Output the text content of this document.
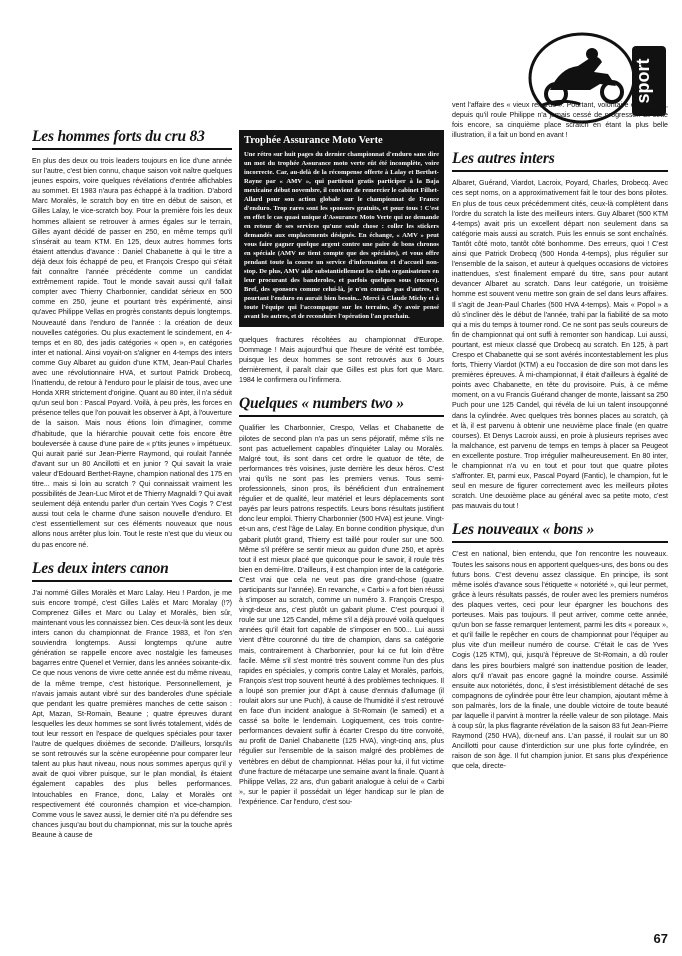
sport
Les hommes forts du cru 83

En plus des deux ou trois leaders toujours en lice d'une année sur l'autre, c'est bien connu, chaque saison voit naître quelques jeunes espoirs, voire quelques révélations d'entrée affichables au sommet. Et 1983 n'aura pas échappé à la tradition. D'abord Marc Moralès, le scratch boy en titre en début de saison, et Gilles Lalay, le vice-scratch boy. Pour la première fois les deux hommes allaient se retrouver à armes égales sur le terrain, Gilles ayant décidé de passer en 250, en même temps qu'il s'insérait au team KTM. En 125, deux autres hommes forts étaient attendus d'avance : Daniel Chabanette à qui le titre a déjà deux fois échappé de peu, et François Crespo qui s'était fait connaître l'année précédente comme un candidat extrêmement rapide. Tout le monde savait aussi qu'il fallait compter avec Thierry Charbonnier, candidat sérieux en 500 comme en 250, jeune et pourtant très expérimenté, ainsi qu'avec Philippe Vellas en progrès constants depuis longtemps. Nouveauté dans l'enduro de l'année : la création de deux nouvelles catégories. Ou plus exactement le scindement, en 4-temps et en 80, des jadis catégories « open », en catégories inter et national. Ainsi voyait-on s'aligner en 4-temps des inters comme Guy Albaret au guidon d'une KTM, Jean-Paul Charles avec une révolutionnaire HVA, et surtout Patrick Drobecq, l'inattendu, de retour à l'enduro pour le plaisir de tous, avec une Honda XRR strictement d'origine. Quant au 80 inter, il n'a séduit qu'un seul bon : Pascal Poyard. Voilà, à peu près, les forces en présence telles que l'on pouvait les observer à Apt, à l'ouverture de la saison. Mais nous étions loin d'imaginer, comme d'habitude, que la hiérarchie pouvait cette fois encore être bouleversée à cause d'une paire de « p'tits jeunes » impétueux. Qui aurait parié sur Jean-Pierre Raymond, qui roulait l'année d'avant sur un 80 Ancillotti et en junior ? Qui savait la vraie valeur d'Edouard Berthet-Rayne, champion national des 175 en titre... mais si loin au scratch ? Qui connaissait vraiment les possibilités de Jean-Luc Mirot et de Thierry Magnaldi ? Qui avait seulement déjà entendu parler d'un certain Yves Cogis ? C'est aussi tout cela le charme d'une saison nouvelle d'enduro. Et c'est essentiellement sur ces éléments nouveaux que nous allons nous arrêter plus loin. Tout le reste n'est que du vieux ou du pas encore né.

Les deux inters canon

J'ai nommé Gilles Moralès et Marc Lalay. Heu ! Pardon, je me suis encore trompé, c'est Gilles Lalès et Marc Moralay (!?) Comprenez Gilles et Marc ou Lalay et Moralès, bien sûr, maintenant vous les connaissez bien. Ces deux-là sont les deux inters canon du championnat de France 1983, et l'on s'en souviendra longtemps. Aussi longtemps qu'une autre génération se rappelle encore avec nostalgie les fameuses bagarres entre Quenel et Vernier, dans les années soixante-dix. Ce que nous venons de vivre cette année est du même niveau, de la même trempe, c'est historique. Personnellement, je n'avais jamais autant vibré sur des banderoles d'une spéciale que pendant les quatre premières manches de cette saison : Apt, Mazan, St-Romain, Beaune ; quatre épreuves durant lesquelles les deux hommes se sont livrés totalement, vidés de tout leur ressort en l'espace de quelques spéciales pour taxer l'autre de quelques dixièmes de seconde. D'ailleurs, lorsqu'ils se sont retrouvés sur la scène européenne pour comparer leur talent au plus haut niveau, nous nous sommes aperçus qu'il y avait de quoi vibrer puisque, sur le plan mondial, ils étaient également capables des plus belles performances. Intouchables en France, donc, Lalay et Moralès ont respectivement été couronnés champion et vice-champion. Comme vous le savez aussi, le dernier cité n'a pu défendre ses chances jusqu'au bout du championnat, mis sur la touche après Beaune à cause de

Trophée Assurance Moto Verte

Une rétro sur huit pages du dernier championnat d'enduro sans dire un mot du trophée Assurance moto verte eût été incomplète, voire incorrecte. Car, au-delà de la récompense offerte à Lalay et Berthet-Rayne par « AMV », qui partiront gratis participer à la Baja mexicaine début novembre, il convient de remercier le cabinet Filhet-Allard pour son action globale sur le championnat de France d'enduro. Trop rares sont les sponsors gratuits, et pour tous ! C'est en effet le cas quasi unique d'Assurance Moto Verte qui ne demande en retour de ses services qu'une seule chose : coller les stickers demandés aux emplacements désignés. En échange, « AMV » peut vous faire gagner quelque argent contre une paire de bons chronos en spéciale (AMV ne tient compte que des spéciales), et vous offre pendant toute la course un service d'information et d'accueil non-stop. De plus, AMV aide substantiellement les clubs organisateurs en leur procurant des banderoles, et parfois quelques sous (encore). Bref, des sponsors comme celui-là, je n'en connais pas d'autres, et pourtant l'enduro en aurait bien besoin... Merci à Claude Michy et à toute l'équipe qui l'accompagne sur les terrains, d'y avoir pensé avant les autres, et de reconduire l'opération l'an prochain.

quelques fractures récoltées au championnat d'Europe. Dommage ! Mais aujourd'hui que l'heure de vérité est tombée, puisque les deux hommes se sont retrouvés aux 6 Jours dernièrement, il paraît clair que Gilles est plus fort que Marc. 1984 le confirmera ou l'infirmera.

Quelques « numbers two »

Qualifier les Charbonnier, Crespo, Vellas et Chabanette de pilotes de second plan n'a pas un sens péjoratif, même s'ils ne sont pas actuellement capables d'inquiéter Lalay ou Moralès. Malgré tout, ils sont dans cet ordre le quatuor de tête, de performances très voisines, juste derrière les deux héros. C'est vrai qu'ils ne sont pas les premiers venus. Tous semi-professionnels, sinon pros, ils bénéficient d'un entraînement régulier et de qualité, leur matériel et leurs déplacements sont payés par leurs patrons respectifs. Leurs bons résultats justifient donc leur emploi. Thierry Charbonnier (500 HVA) est jeune. Vingt-et-un ans, c'est l'âge de Lalay. En bonne condition physique, d'un gabarit plutôt grand, Thierry est taillé pour rouler sur une 500. Même s'il préfère se sentir mieux au guidon d'une 250, et après tout il est mieux placé que quiconque pour le savoir, il roule très bien en demi-litre. D'ailleurs, il est champion inter de la catégorie. C'est vrai que cela ne veut pas dire grand-chose (quatre participants sur l'année). En revanche, « Carbi » a fort bien réussi à s'imposer au scratch, comme un numéro 3. François Crespo, vingt-deux ans, c'est plutôt un gabarit plume. C'est pourquoi il roule sur une 125 Candel, même s'il a déjà prouvé voilà quelques années qu'il était fort capable de s'imposer en 500... Lui aussi vient d'être couronné du titre de champion, dans sa catégorie mais, contrairement à Charbonnier, pour lui ce fut loin d'être facile. Même s'il s'est montré très souvent comme l'un des plus rapides en spéciales, y compris contre Lalay et Moralès, parfois, François s'est trop souvent heurté à des problèmes techniques. Il a loupé son premier jour d'Apt à cause d'ennuis d'allumage (il roulait alors sur une Puch), à cause de l'humidité il s'est retrouvé en face d'un incident analogue à St-Romain (le samedi) et a cassé sa boîte le lendemain. Logiquement, ces trois contre-performances devaient suffir à écarter Crespo du titre convoité, au profit de Daniel Chabanette (125 HVA), vingt-cinq ans, plus régulier sur l'ensemble de la saison malgré des problèmes de vertèbres en début de championnat. Hélas pour lui, il fut victime d'une fracture de métacarpe une semaine avant la finale. Quant à Philippe Vellas, 22 ans, d'un gabarit analogue à celui de « Carbi », sur le papier il possédait un léger handicap sur le plan de l'expérience. Car l'enduro, c'est sou-

vent l'affaire des « vieux renards ». Pourtant, volontaire et appliqué, depuis qu'il roule Philippe n'a jamais cessé de progresser. Et cette fois encore, sa cinquième place scratch en étant la plus belle illustration, il a fait un bond en avant !

Les autres inters

Albaret, Guérand, Viardot, Lacroix, Poyard, Charles, Drobecq. Avec ces sept noms, on a approximativement fait le tour des bons pilotes. En plus de tous ceux précédemment cités, ceux-là complètent dans l'ordre du scratch la liste des meilleurs inters. Guy Albaret (500 KTM 4-temps) avait pris un excellent départ non seulement dans sa catégorie mais aussi au scratch. Puis les ennuis se sont enchaînés. Tantôt côté moto, tantôt côté bonhomme. Des erreurs, quoi ! C'est ainsi que Patrick Drobecq (500 Honda 4-temps), plus régulier sur l'ensemble de la saison, et auteur à quelques occasions de victoires inattendues, s'est finalement emparé du titre, sans pour autant devancer Albaret au scratch. Dans leur catégorie, un troisième homme est souvent venu mettre son grain de sel dans leurs affaires. Il s'agit de Jean-Paul Charles (500 HVA 4-temps). Mais « Popol » a dû s'incliner dès le début de l'année, trahi par la fiabilité de sa moto qui a mis du temps à tourner rond. Ce ne sont pas seuls coureurs de fin de championnat qui ont suffi à remonter son handicap. Lui aussi, pourtant, est mieux classé que Drobecq au scratch. En 125, à part Crespo et Chabanette qui se sont avérés incontestablement les plus forts, Thierry Viardot (KTM) a eu l'occasion de dire son mot dans les premières épreuves. À mi-championnat, il était d'ailleurs à égalité de points avec Chabanette, en tête du provisoire. Puis, à ce même moment, on a vu Francis Guérand changer de monte, laissant sa 250 Puch pour une 125 Candel, qui révéla de lui un talent insoupçonné dans la cylindrée. Avec quelques très bonnes places au scratch, çà et là, il est parvenu à obtenir une neuvième place finale (en quatre courses). Et Denys Lacroix aussi, en proie à plusieurs reprises avec la malchance, est parvenu de temps en temps à placer sa Peugeot en excellente posture. Trop irrégulier malheureusement. En 80 inter, le championnat n'a vu en tout et pour tout que quatre pilotes s'affronter. Et, parmi eux, Pascal Poyard (Fantic), le champion, fut le seul en mesure de figurer correctement avec les meilleurs pilotes scratch. Une deuxième place au général avec sa petite moto, c'est pas mauvais du tout !

Les nouveaux « bons »

C'est en national, bien entendu, que l'on rencontre les nouveaux. Toutes les saisons nous en apportent quelques-uns, des bons ou des futurs bons. C'est devenu assez classique. En principe, ils sont même isolés d'avance sous l'étiquette « notoriété », qui leur permet, grâce à leurs résultats passés, de rouler avec les premiers numéros des plaques vertes, ceci pour leur épargner les bouchons des porteuses. Mais pas toujours. Il peut arriver, comme cette année, qu'un bon se fasse remarquer lentement, parmi les dits « poreaux », et qu'il faille le repêcher en cours de championnat pour l'équiper au plus vite d'un meilleur numéro de course. C'était le cas de Yves Cogis (125 KTM), qui, jusqu'à l'épreuve de St-Romain, a dû rouler dans les pires bourbiers malgré son inattendue position de leader, alors qu'il n'avait pas encore gagné la moindre course. Assimilé ensuite aux notoriétés, donc, il s'est irrésistiblement détaché de ses compagnons de cylindrée pour être leur champion, ajoutant même à son palmarès, lors de la finale, une double victoire de toute beauté par laquelle il parvint à montrer la réelle valeur de son pilotage. Mais à coup sûr, la plus flagrante révélation de la saison 83 fut Jean-Pierre Raymond (250 HVA), dix-neuf ans. L'an passé, il roulait sur un 80 Ancillotti pour cause d'interdiction sur une plus forte cylindrée, en raison de son âge. Il fut champion junior. Et sans plus d'expérience que cela, directe-

67
